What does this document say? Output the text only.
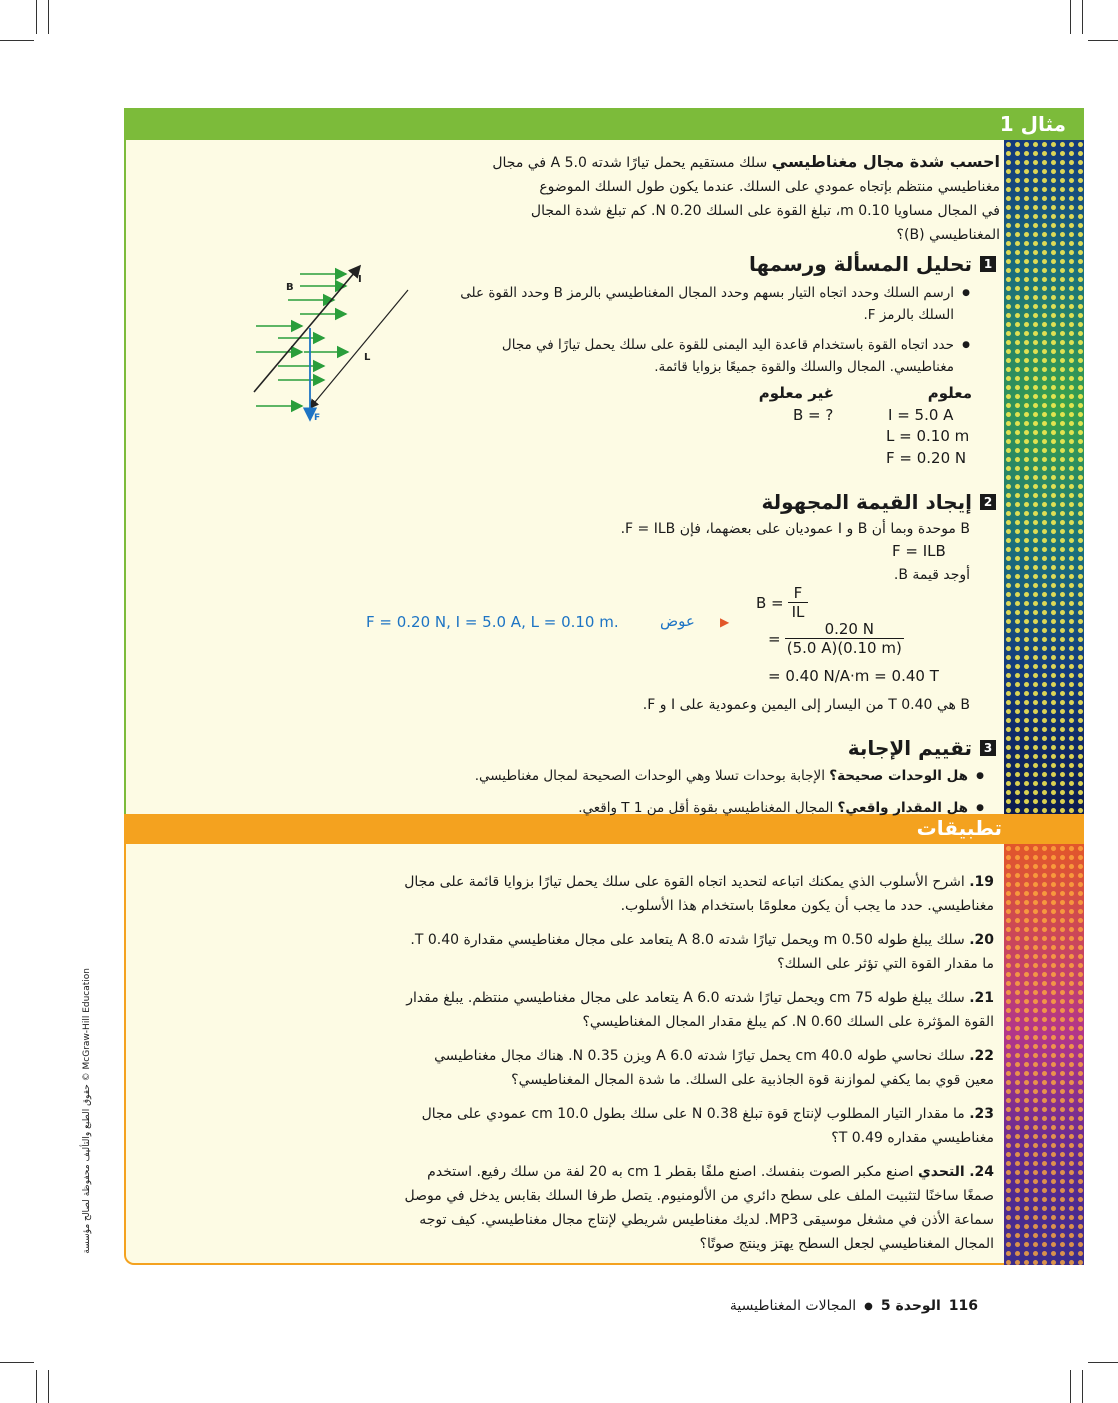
مثال 1
تطبيقات
احسب شدة مجال مغناطيسي سلك مستقيم يحمل تيارًا شدته 5.0 A في مجال
مغناطيسي منتظم بإتجاه عمودي على السلك. عندما يكون طول السلك الموضوع
في المجال مساويا 0.10 m، تبلغ القوة على السلك 0.20 N. كم تبلغ شدة المجال
المغناطيسي (B)؟
1
تحليل المسألة ورسمها
● ارسم السلك وحدد اتجاه التيار بسهم وحدد المجال المغناطيسي بالرمز B وحدد القوة على السلك بالرمز F.
● حدد اتجاه القوة باستخدام قاعدة اليد اليمنى للقوة على سلك يحمل تيارًا في مجال مغناطيسي. المجال والسلك والقوة جميعًا بزوايا قائمة.
B
I
L
F
غير معلوم	معلوم
B = ?	I = 5.0 A
L = 0.10 m
F = 0.20 N
2
إيجاد القيمة المجهولة
B موحدة وبما أن B و I عموديان على بعضهما، فإن F = ILB.
F = ILB
أوجد قيمة B.
$B = \frac{F}{IL}$
▶
عوض
F = 0.20 N, I = 5.0 A, L = 0.10 m.
= $\frac{0.20 N}{(5.0 A)(0.10 m)}$
= 0.40 N/A·m = 0.40 T
B هي 0.40 T من اليسار إلى اليمين وعمودية على I و F.
3
تقييم الإجابة
● هل الوحدات صحيحة؟ الإجابة بوحدات تسلا وهي الوحدات الصحيحة لمجال مغناطيسي.
● هل المقدار واقعي؟ المجال المغناطيسي بقوة أقل من 1 T واقعي.
19. اشرح الأسلوب الذي يمكنك اتباعه لتحديد اتجاه القوة على سلك يحمل تيارًا بزوايا قائمة على مجال مغناطيسي. حدد ما يجب أن يكون معلومًا باستخدام هذا الأسلوب.
20. سلك يبلغ طوله 0.50 m ويحمل تيارًا شدته 8.0 A يتعامد على مجال مغناطيسي مقدارة 0.40 T. ما مقدار القوة التي تؤثر على السلك؟
21. سلك يبلغ طوله 75 cm ويحمل تيارًا شدته 6.0 A يتعامد على مجال مغناطيسي منتظم. يبلغ مقدار القوة المؤثرة على السلك 0.60 N. كم يبلغ مقدار المجال المغناطيسي؟
22. سلك نحاسي طوله 40.0 cm يحمل تيارًا شدته 6.0 A ويزن 0.35 N. هناك مجال مغناطيسي معين قوي بما يكفي لموازنة قوة الجاذبية على السلك. ما شدة المجال المغناطيسي؟
23. ما مقدار التيار المطلوب لإنتاج قوة تبلغ 0.38 N على سلك بطول 10.0 cm عمودي على مجال مغناطيسي مقداره 0.49 T؟
24. التحدي اصنع مكبر الصوت بنفسك. اصنع ملفًا بقطر 1 cm به 20 لفة من سلك رفيع. استخدم صمغًا ساخنًا لتثبيت الملف على سطح دائري من الألومنيوم. يتصل طرفا السلك بقابس يدخل في موصل سماعة الأذن في مشغل موسيقى MP3. لديك مغناطيس شريطي لإنتاج مجال مغناطيسي. كيف توجه المجال المغناطيسي لجعل السطح يهتز وينتج صوتًا؟
McGraw-Hill Education © حقوق الطبع والتأليف محفوظة لصالح مؤسسة
116
الوحدة 5
●
المجالات المغناطيسية
